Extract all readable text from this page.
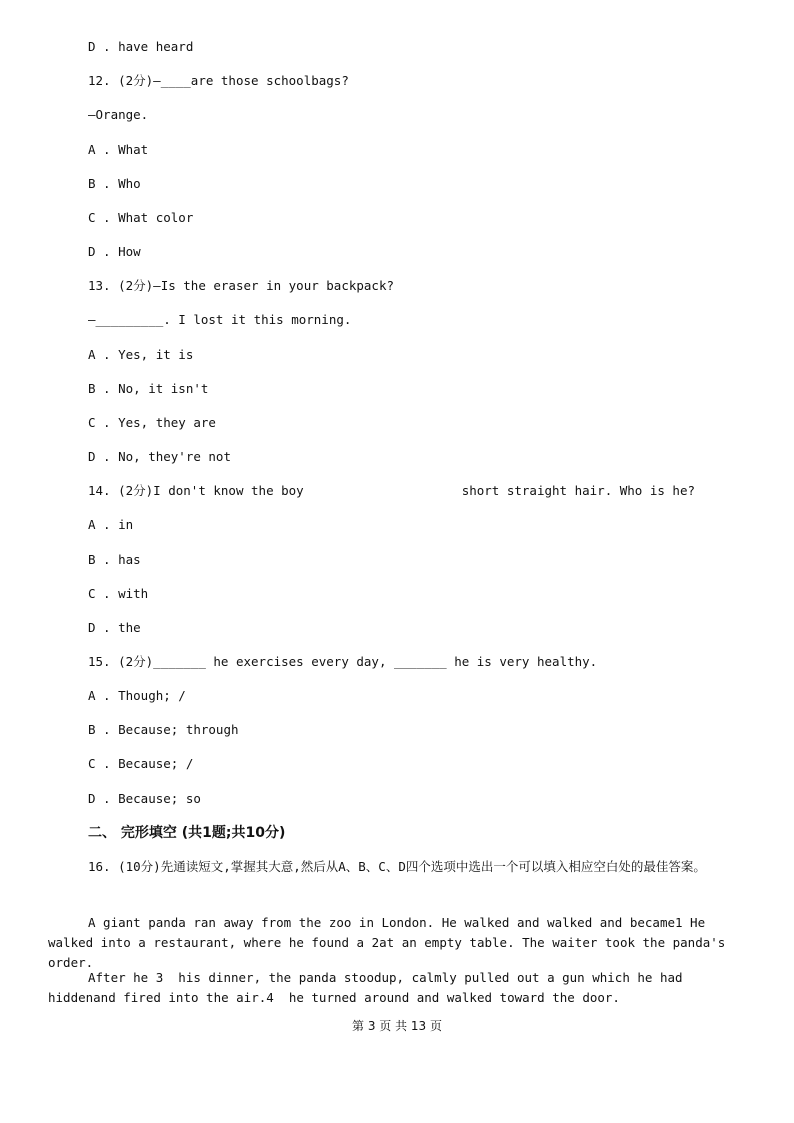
D . have heard
12. (2分)—____are those schoolbags?
—Orange.
A . What
B . Who
C . What color
D . How
13. (2分)—Is the eraser in your backpack?
—_________. I lost it this morning.
A . Yes, it is
B . No, it isn't
C . Yes, they are
D . No, they're not
14. (2分)I don't know the boy	short straight hair. Who is he?
A . in
B . has
C . with
D . the
15. (2分)_______ he exercises every day, _______ he is very healthy.
A . Though; /
B . Because; through
C . Because; /
D . Because; so
二、 完形填空 (共1题;共10分)
16. (10分)先通读短文,掌握其大意,然后从A、B、C、D四个选项中选出一个可以填入相应空白处的最佳答案。
A giant panda ran away from the zoo in London. He walked and walked and became1 He walked into a restaurant, where he found a 2at an empty table. The waiter took the panda's order.
After he 3  his dinner, the panda stoodup, calmly pulled out a gun which he had hiddenand fired into the air.4  he turned around and walked toward the door.
第 3 页 共 13 页
